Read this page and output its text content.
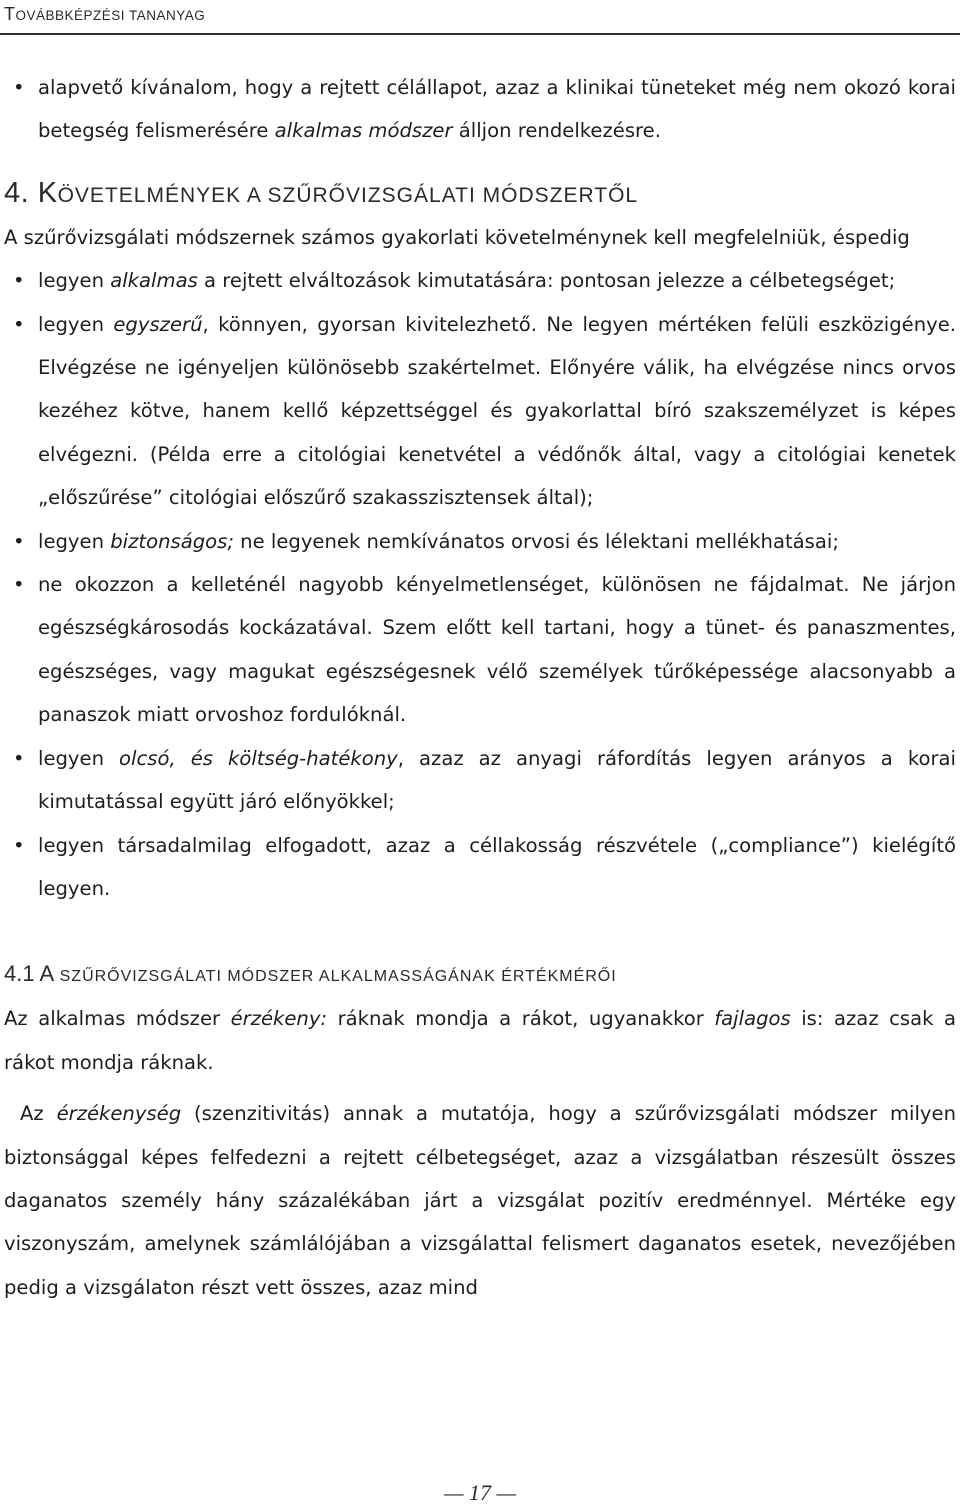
TOVÁBBKÉPZÉSI TANANYAG
• alapvető kívánalom, hogy a rejtett célállapot, azaz a klinikai tüneteket még nem okozó korai betegség felismerésére alkalmas módszer álljon rendelkezésre.
4. KÖVETELMÉNYEK A SZŰRŐVIZSGÁLATI MÓDSZERTŐL

A szűrővizsgálati módszernek számos gyakorlati követelménynek kell megfelelniük, éspedig

• legyen alkalmas a rejtett elváltozások kimutatására: pontosan jelezze a célbetegséget;
• legyen egyszerű, könnyen, gyorsan kivitelezhető. Ne legyen mértéken felüli eszközigénye. Elvégzése ne igényeljen különösebb szakértelmet. Előnyére válik, ha elvégzése nincs orvos kezéhez kötve, hanem kellő képzettséggel és gyakorlattal bíró szakszemélyzet is képes elvégezni. (Példa erre a citológiai kenetvétel a védőnők által, vagy a citológiai kenetek „előszűrése” citológiai előszűrő szakasszisztensek által);
• legyen biztonságos; ne legyenek nemkívánatos orvosi és lélektani mellékhatásai;
• ne okozzon a kelleténél nagyobb kényelmetlenséget, különösen ne fájdalmat. Ne járjon egészségkárosodás kockázatával. Szem előtt kell tartani, hogy a tünet- és panaszmentes, egészséges, vagy magukat egészségesnek vélő személyek tűrőképessége alacsonyabb a panaszok miatt orvoshoz fordulóknál.
• legyen olcsó, és költség-hatékony, azaz az anyagi ráfordítás legyen arányos a korai kimutatással együtt járó előnyökkel;
• legyen társadalmilag elfogadott, azaz a céllakosság részvétele („compliance”) kielégítő legyen.
4.1 A SZŰRŐVIZSGÁLATI MÓDSZER ALKALMASSÁGÁNAK ÉRTÉKMÉRŐI

Az alkalmas módszer érzékeny: ráknak mondja a rákot, ugyanakkor fajlagos is: azaz csak a rákot mondja ráknak.

Az érzékenység (szenzitivitás) annak a mutatója, hogy a szűrővizsgálati módszer milyen biztonsággal képes felfedezni a rejtett célbetegséget, azaz a vizsgálatban részesült összes daganatos személy hány százalékában járt a vizsgálat pozitív eredménnyel. Mértéke egy viszonyszám, amelynek számlálójában a vizsgálattal felismert daganatos esetek, nevezőjében pedig a vizsgálaton részt vett összes, azaz mind

— 17 —
